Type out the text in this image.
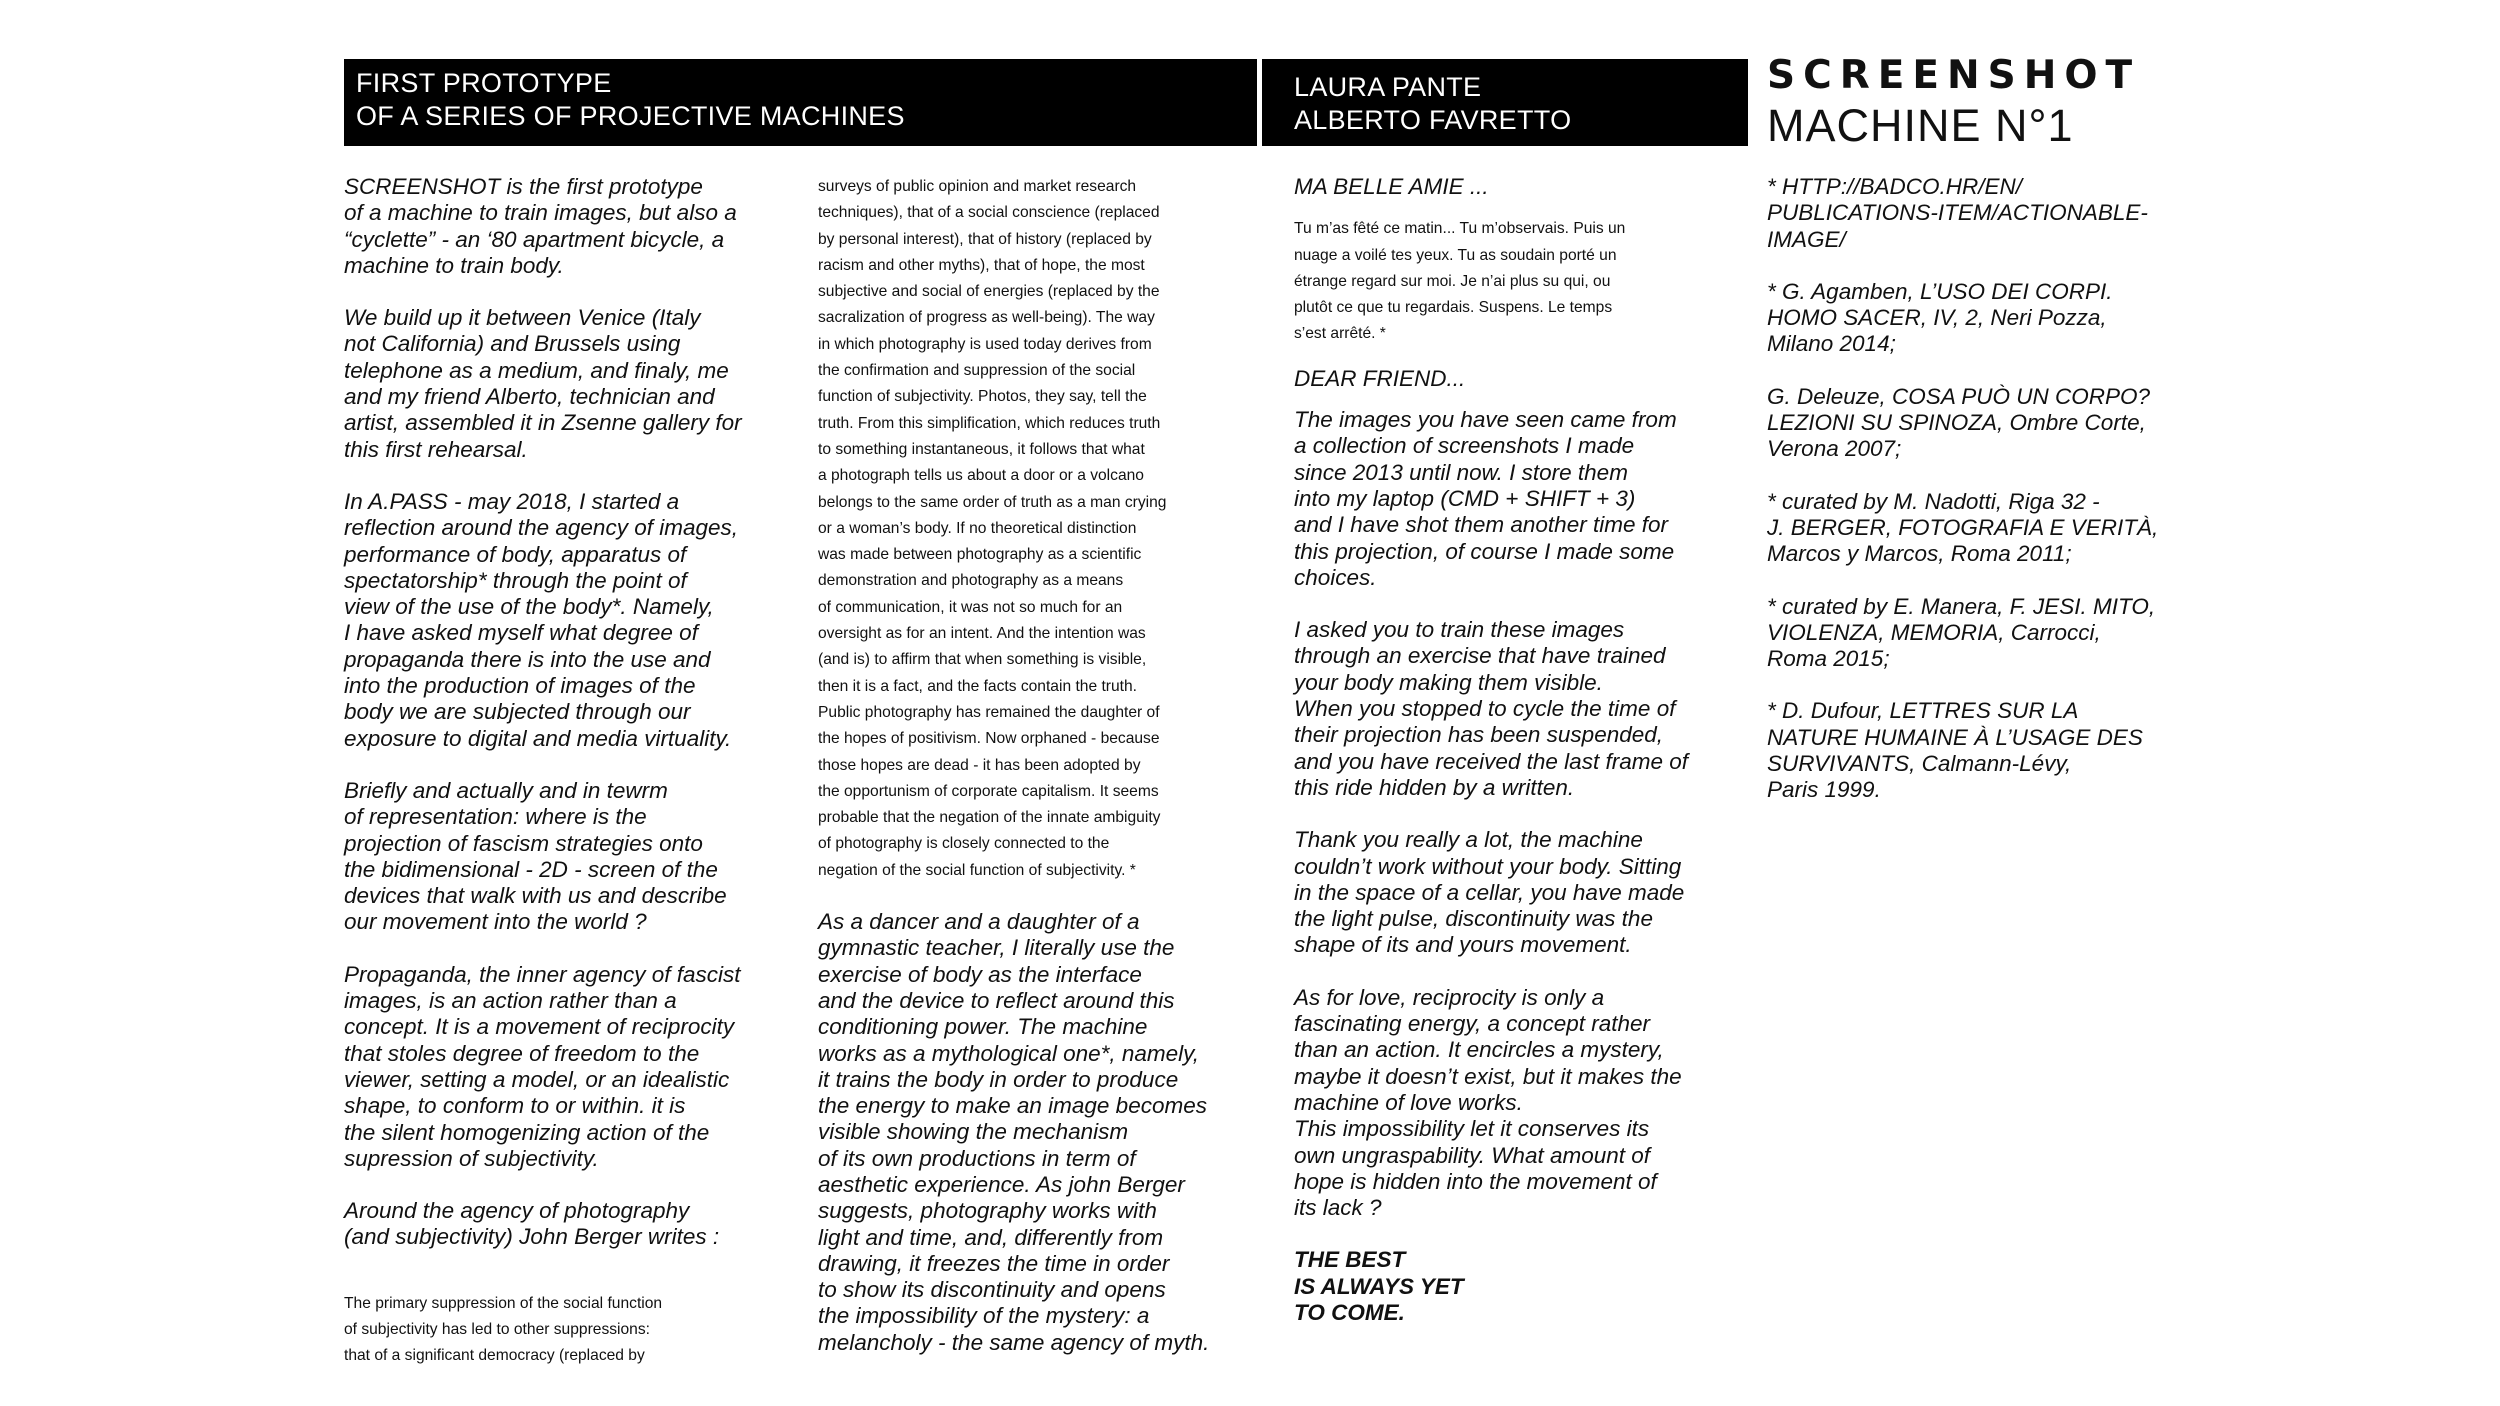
FIRST PROTOTYPE
OF A SERIES OF PROJECTIVE MACHINES
LAURA PANTE
ALBERTO FAVRETTO
SCREENSHOT
MACHINE N°1

SCREENSHOT is the first prototype
of a machine to train images, but also a
“cyclette” - an ‘80 apartment bicycle, a
machine to train body.

We build up it between Venice (Italy
not California) and Brussels using
telephone as a medium, and finaly, me
and my friend Alberto, technician and
artist, assembled it in Zsenne gallery for
this first rehearsal.

In A.PASS - may 2018, I started a
reflection around the agency of images,
performance of body, apparatus of
spectatorship* through the point of
view of the use of the body*. Namely,
I have asked myself what degree of
propaganda there is into the use and
into the production of images of the
body we are subjected through our
exposure to digital and media virtuality.

Briefly and actually and in tewrm
of representation: where is the
projection of fascism strategies onto
the bidimensional - 2D - screen of the
devices that walk with us and describe
our movement into the world ?

Propaganda, the inner agency of fascist
images, is an action rather than a
concept. It is a movement of reciprocity
that stoles degree of freedom to the
viewer, setting a model, or an idealistic
shape, to conform to or within. it is
the silent homogenizing action of the
supression of subjectivity.

Around the agency of photography
(and subjectivity) John Berger writes :

The primary suppression of the social function
of subjectivity has led to other suppressions:
that of a significant democracy (replaced by

surveys of public opinion and market research
techniques), that of a social conscience (replaced
by personal interest), that of history (replaced by
racism and other myths), that of hope, the most
subjective and social of energies (replaced by the
sacralization of progress as well-being). The way
in which photography is used today derives from
the confirmation and suppression of the social
function of subjectivity. Photos, they say, tell the
truth. From this simplification, which reduces truth
to something instantaneous, it follows that what
a photograph tells us about a door or a volcano
belongs to the same order of truth as a man crying
or a woman’s body. If no theoretical distinction
was made between photography as a scientific
demonstration and photography as a means
of communication, it was not so much for an
oversight as for an intent. And the intention was
(and is) to affirm that when something is visible,
then it is a fact, and the facts contain the truth.
Public photography has remained the daughter of
the hopes of positivism. Now orphaned - because
those hopes are dead - it has been adopted by
the opportunism of corporate capitalism. It seems
probable that the negation of the innate ambiguity
of photography is closely connected to the
negation of the social function of subjectivity. *

As a dancer and a daughter of a
gymnastic teacher, I literally use the
exercise of body as the interface
and the device to reflect around this
conditioning power. The machine
works as a mythological one*, namely,
it trains the body in order to produce
the energy to make an image becomes
visible showing the mechanism
of its own productions in term of
aesthetic experience. As john Berger
suggests, photography works with
light and time, and, differently from
drawing, it freezes the time in order
to show its discontinuity and opens
the impossibility of the mystery: a
melancholy - the same agency of myth.

MA BELLE AMIE ...

Tu m’as fêté ce matin... Tu m’observais. Puis un
nuage a voilé tes yeux. Tu as soudain porté un
étrange regard sur moi. Je n’ai plus su qui, ou
plutôt ce que tu regardais. Suspens. Le temps
s’est arrêté. *

DEAR FRIEND...

The images you have seen came from
a collection of screenshots I made
since 2013 until now. I store them
into my laptop (CMD + SHIFT + 3)
and I have shot them another time for
this projection, of course I made some
choices.

I asked you to train these images
through an exercise that have trained
your body making them visible.
When you stopped to cycle the time of
their projection has been suspended,
and you have received the last frame of
this ride hidden by a written.

Thank you really a lot, the machine
couldn’t work without your body. Sitting
in the space of a cellar, you have made
the light pulse, discontinuity was the
shape of its and yours movement.

As for love, reciprocity is only a
fascinating energy, a concept rather
than an action. It encircles a mystery,
maybe it doesn’t exist, but it makes the
machine of love works.
This impossibility let it conserves its
own ungraspability. What amount of
hope is hidden into the movement of
its lack ?

THE BEST
IS ALWAYS YET
TO COME.

* HTTP://BADCO.HR/EN/
PUBLICATIONS-ITEM/ACTIONABLE-
IMAGE/

* G. Agamben, L’USO DEI CORPI.
HOMO SACER, IV, 2, Neri Pozza,
Milano 2014;

G. Deleuze, COSA PUÒ UN CORPO?
LEZIONI SU SPINOZA, Ombre Corte,
Verona 2007;

* curated by M. Nadotti, Riga 32 -
J. BERGER, FOTOGRAFIA E VERITÀ,
Marcos y Marcos, Roma 2011;

* curated by E. Manera, F. JESI. MITO,
VIOLENZA, MEMORIA, Carrocci,
Roma 2015;

* D. Dufour, LETTRES SUR LA
NATURE HUMAINE À L’USAGE DES
SURVIVANTS, Calmann-Lévy,
Paris 1999.
